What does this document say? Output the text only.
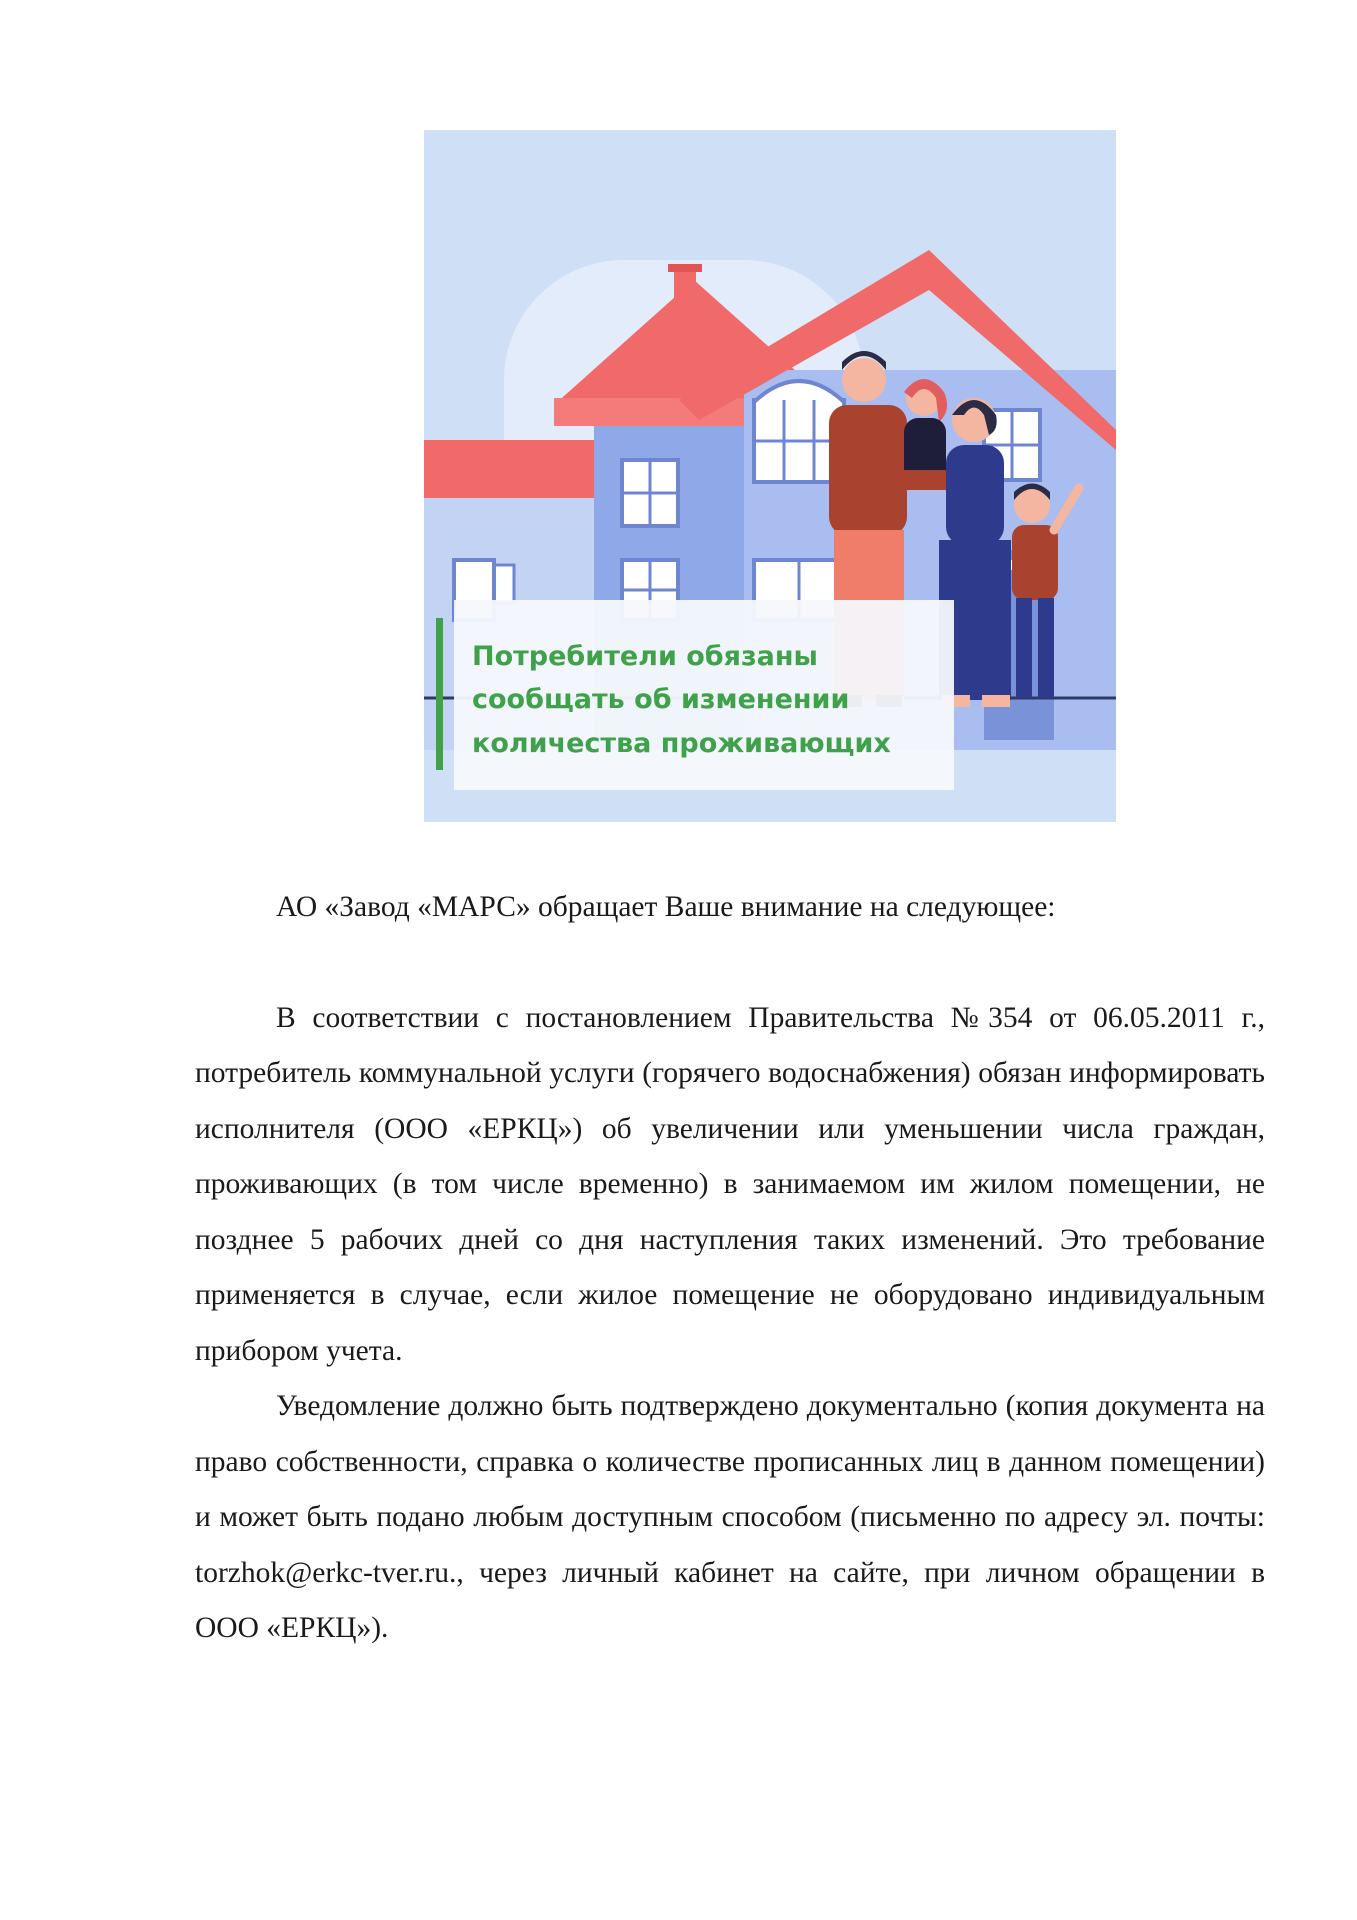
Потребители обязаны
сообщать об изменении
количества проживающих

АО «Завод «МАРС» обращает Ваше внимание на следующее:

В соответствии с постановлением Правительства №354 от 06.05.2011 г., потребитель коммунальной услуги (горячего водоснабжения) обязан информировать исполнителя (ООО «ЕРКЦ») об увеличении или уменьшении числа граждан, проживающих (в том числе временно) в занимаемом им жилом помещении, не позднее 5 рабочих дней со дня наступления таких изменений. Это требование применяется в случае, если жилое помещение не оборудовано индивидуальным прибором учета.

Уведомление должно быть подтверждено документально (копия документа на право собственности, справка о количестве прописанных лиц в данном помещении) и может быть подано любым доступным способом (письменно по адресу эл. почты: torzhok@erkc-tver.ru., через личный кабинет на сайте, при личном обращении в ООО «ЕРКЦ»).
